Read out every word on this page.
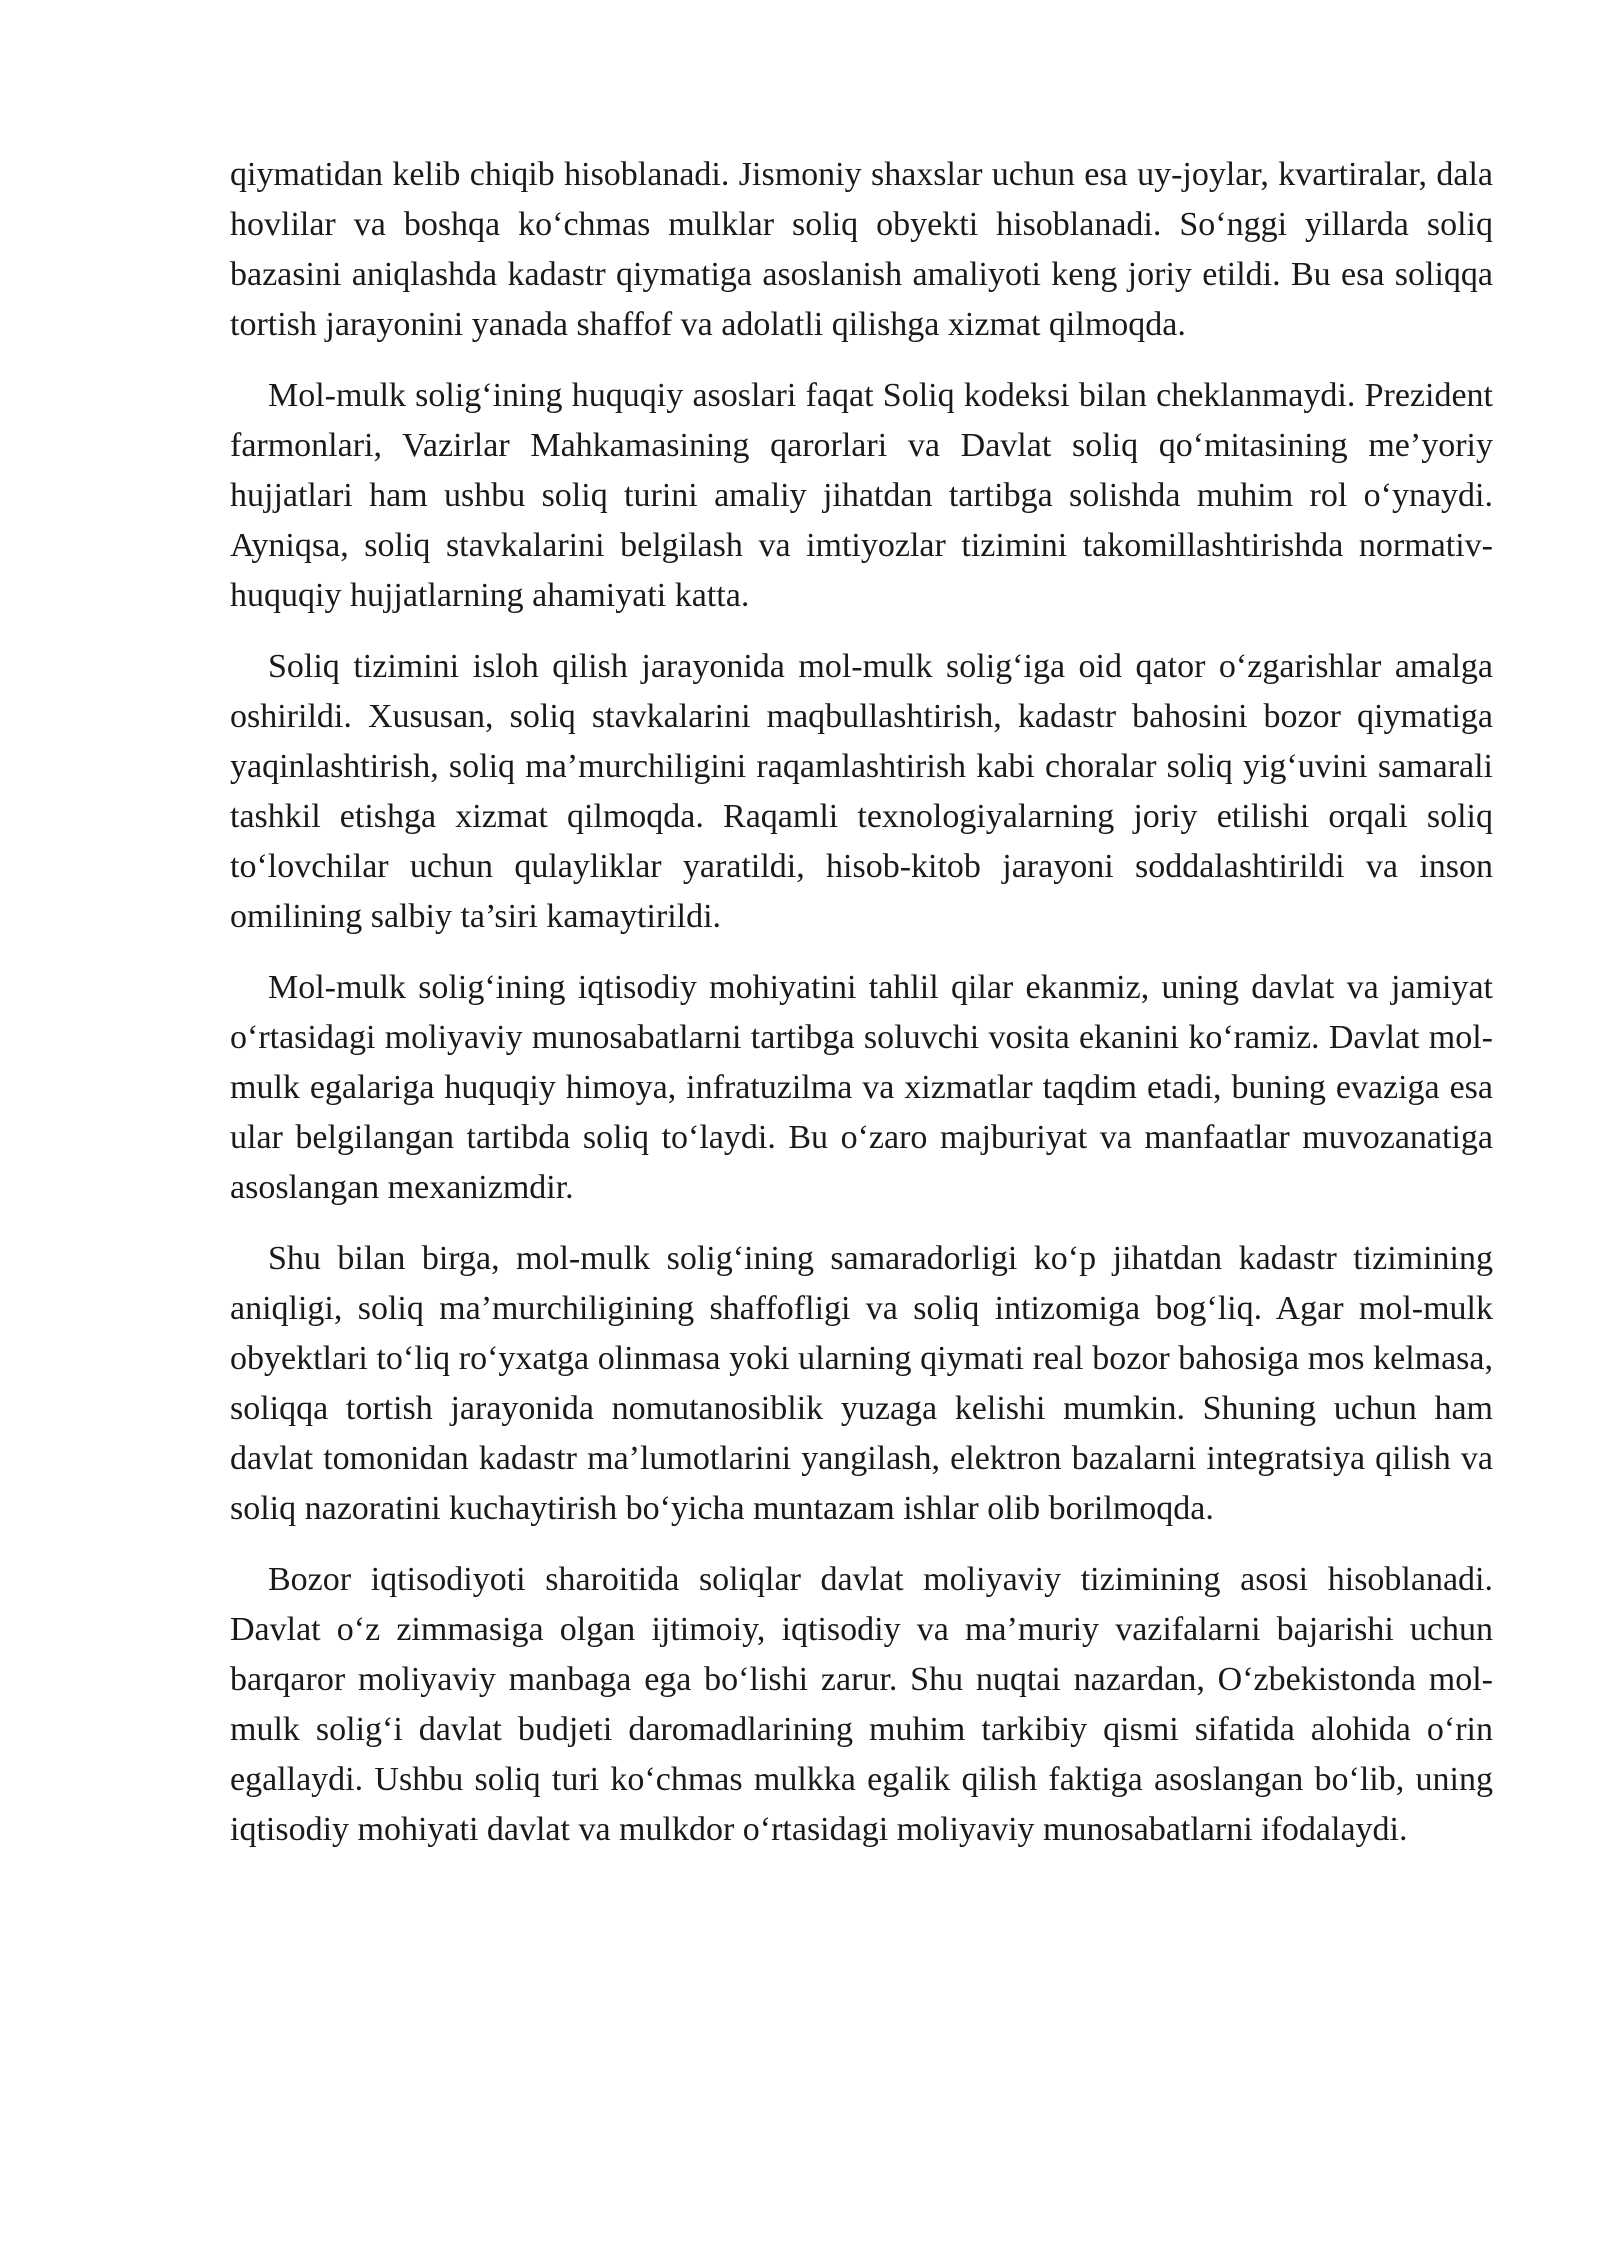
qiymatidan kelib chiqib hisoblanadi. Jismoniy shaxslar uchun esa uy-joylar, kvartiralar, dala hovlilar va boshqa ko‘chmas mulklar soliq obyekti hisoblanadi. So‘nggi yillarda soliq bazasini aniqlashda kadastr qiymatiga asoslanish amaliyoti keng joriy etildi. Bu esa soliqqa tortish jarayonini yanada shaffof va adolatli qilishga xizmat qilmoqda.

Mol-mulk solig‘ining huquqiy asoslari faqat Soliq kodeksi bilan cheklanmaydi. Prezident farmonlari, Vazirlar Mahkamasining qarorlari va Davlat soliq qo‘mitasining me’yoriy hujjatlari ham ushbu soliq turini amaliy jihatdan tartibga solishda muhim rol o‘ynaydi. Ayniqsa, soliq stavkalarini belgilash va imtiyozlar tizimini takomillashtirishda normativ-huquqiy hujjatlarning ahamiyati katta.

Soliq tizimini isloh qilish jarayonida mol-mulk solig‘iga oid qator o‘zgarishlar amalga oshirildi. Xususan, soliq stavkalarini maqbullashtirish, kadastr bahosini bozor qiymatiga yaqinlashtirish, soliq ma’murchiligini raqamlashtirish kabi choralar soliq yig‘uvini samarali tashkil etishga xizmat qilmoqda. Raqamli texnologiyalarning joriy etilishi orqali soliq to‘lovchilar uchun qulayliklar yaratildi, hisob-kitob jarayoni soddalashtirildi va inson omilining salbiy ta’siri kamaytirildi.

Mol-mulk solig‘ining iqtisodiy mohiyatini tahlil qilar ekanmiz, uning davlat va jamiyat o‘rtasidagi moliyaviy munosabatlarni tartibga soluvchi vosita ekanini ko‘ramiz. Davlat mol-mulk egalariga huquqiy himoya, infratuzilma va xizmatlar taqdim etadi, buning evaziga esa ular belgilangan tartibda soliq to‘laydi. Bu o‘zaro majburiyat va manfaatlar muvozanatiga asoslangan mexanizmdir.

Shu bilan birga, mol-mulk solig‘ining samaradorligi ko‘p jihatdan kadastr tizimining aniqligi, soliq ma’murchiligining shaffofligi va soliq intizomiga bog‘liq. Agar mol-mulk obyektlari to‘liq ro‘yxatga olinmasa yoki ularning qiymati real bozor bahosiga mos kelmasa, soliqqa tortish jarayonida nomutanosiblik yuzaga kelishi mumkin. Shuning uchun ham davlat tomonidan kadastr ma’lumotlarini yangilash, elektron bazalarni integratsiya qilish va soliq nazoratini kuchaytirish bo‘yicha muntazam ishlar olib borilmoqda.

Bozor iqtisodiyoti sharoitida soliqlar davlat moliyaviy tizimining asosi hisoblanadi. Davlat o‘z zimmasiga olgan ijtimoiy, iqtisodiy va ma’muriy vazifalarni bajarishi uchun barqaror moliyaviy manbaga ega bo‘lishi zarur. Shu nuqtai nazardan, O‘zbekistonda mol-mulk solig‘i davlat budjeti daromadlarining muhim tarkibiy qismi sifatida alohida o‘rin egallaydi. Ushbu soliq turi ko‘chmas mulkka egalik qilish faktiga asoslangan bo‘lib, uning iqtisodiy mohiyati davlat va mulkdor o‘rtasidagi moliyaviy munosabatlarni ifodalaydi.
